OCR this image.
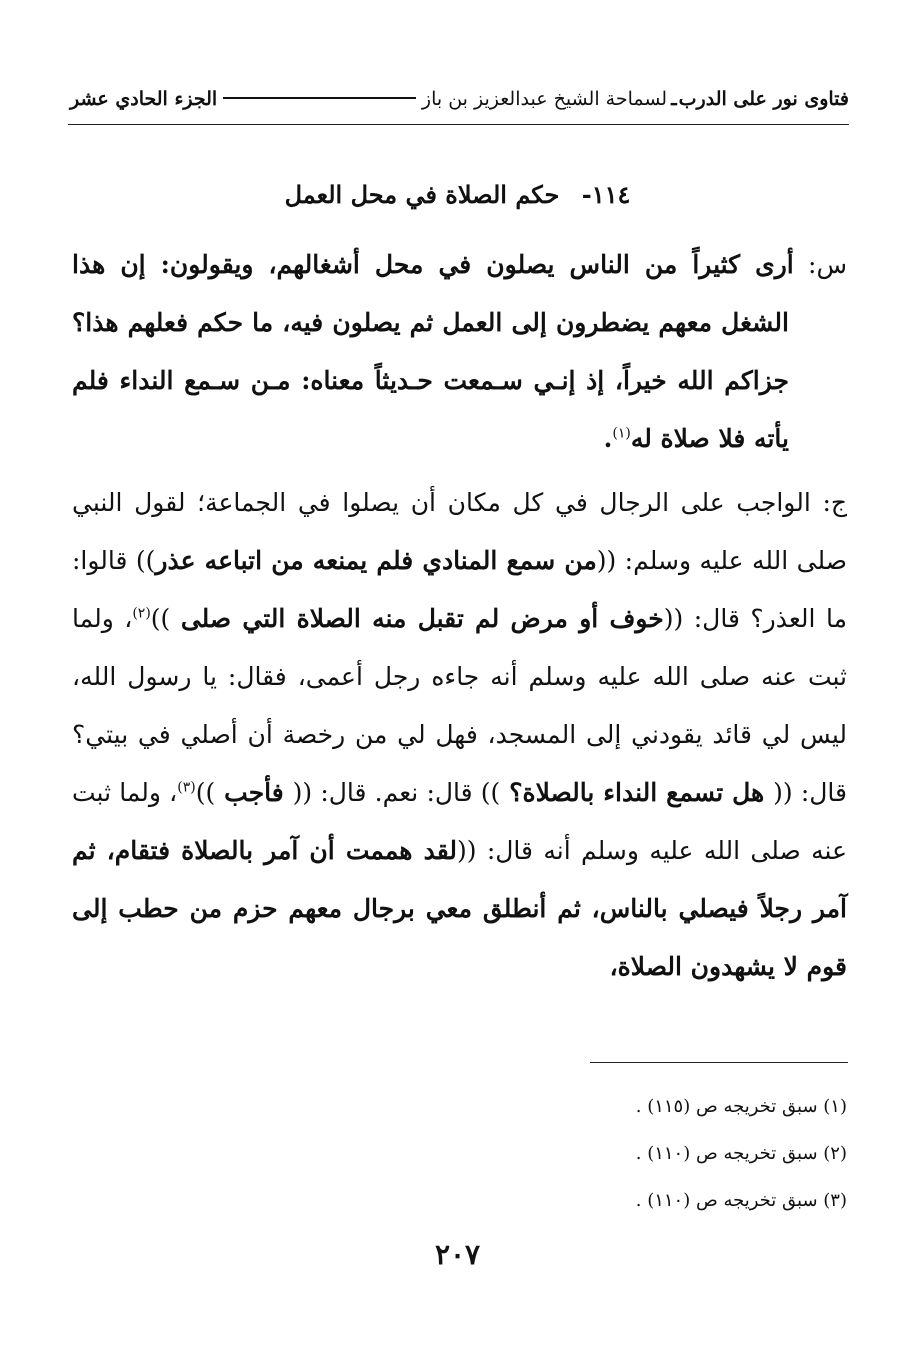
فتاوى نور على الدرب
ـ
لسماحة الشيخ عبدالعزيز بن باز
الجزء الحادي عشر
١١٤- حكم الصلاة في محل العمل
س: أرى كثيراً من الناس يصلون في محل أشغالهم، ويقولون: إن هذا الشغل معهم يضطرون إلى العمل ثم يصلون فيه، ما حكم فعلهم هذا؟ جزاكم الله خيراً، إذ إنـي سـمعت حـديثاً معناه: مـن سـمع النداء فلم يأته فلا صلاة له$^{(١)}$.
ج: الواجب على الرجال في كل مكان أن يصلوا في الجماعة؛ لقول النبي صلى الله عليه وسلم: ((من سمع المنادي فلم يمنعه من اتباعه عذر)) قالوا: ما العذر؟ قال: ((خوف أو مرض لم تقبل منه الصلاة التي صلى ))$^{(٢)}$، ولما ثبت عنه صلى الله عليه وسلم أنه جاءه رجل أعمى، فقال: يا رسول الله، ليس لي قائد يقودني إلى المسجد، فهل لي من رخصة أن أصلي في بيتي؟ قال: (( هل تسمع النداء بالصلاة؟ )) قال: نعم. قال: (( فأجب ))$^{(٣)}$، ولما ثبت عنه صلى الله عليه وسلم أنه قال: ((لقد هممت أن آمر بالصلاة فتقام، ثم آمر رجلاً فيصلي بالناس، ثم أنطلق معي برجال معهم حزم من حطب إلى قوم لا يشهدون الصلاة،
(١) سبق تخريجه ص (١١٥) .
(٢) سبق تخريجه ص (١١٠) .
(٣) سبق تخريجه ص (١١٠) .
٢٠٧
